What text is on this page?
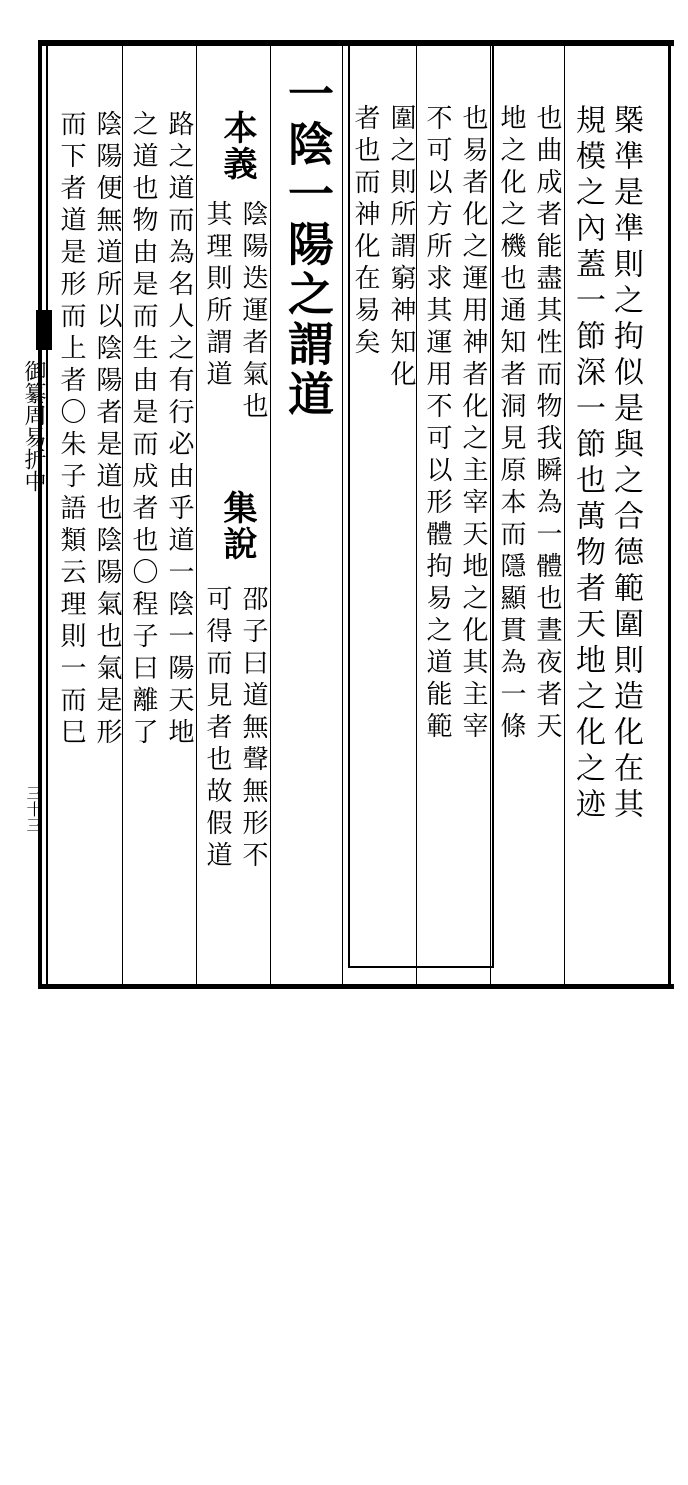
御纂周易折中
三十三	槩凖是凖則之拘似是與之合德範圍則造化在其
規模之內蓋一節深一節也萬物者天地之化之迹
也曲成者能盡其性而物我瞬為一體也晝夜者天
地之化之機也通知者洞見原本而隱顯貫為一條
也易者化之運用神者化之主宰天地之化其主宰
不可以方所求其運用不可以形體拘易之道能範
圍之則所謂窮神知化
者也而神化在易矣
一陰一陽之謂道
本義
陰陽迭運者氣也
其理則所謂道
集說
邵子曰道無聲無形不
可得而見者也故假道
路之道而為名人之有行必由乎道一陰一陽天地
之道也物由是而生由是而成者也〇程子曰離了
陰陽便無道所以陰陽者是道也陰陽氣也氣是形
而下者道是形而上者〇朱子語類云理則一而巳
